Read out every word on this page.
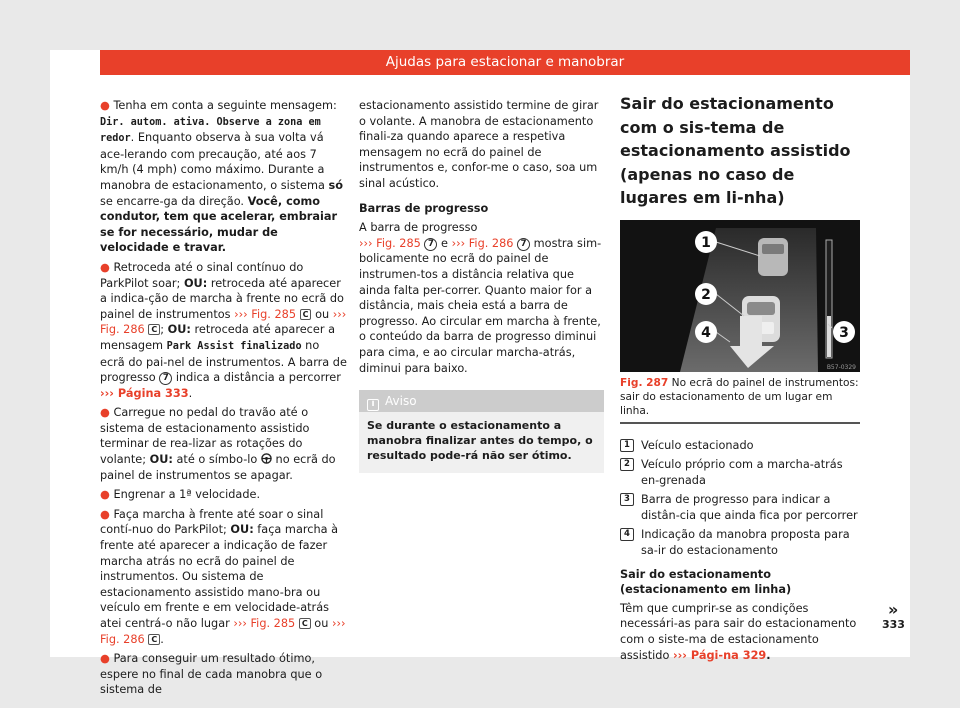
Ajudas para estacionar e manobrar

● Tenha em conta a seguinte mensagem: Dir. autom. ativa. Observe a zona em redor. Enquanto observa à sua volta vá ace-lerando com precaução, até aos 7 km/h (4 mph) como máximo. Durante a manobra de estacionamento, o sistema só se encarre-ga da direção. Você, como condutor, tem que acelerar, embraiar se for necessário, mudar de velocidade e travar.

● Retroceda até o sinal contínuo do ParkPilot soar; OU: retroceda até aparecer a indica-ção de marcha à frente no ecrã do painel de instrumentos ››› Fig. 285 C ou ››› Fig. 286 C ; OU: retroceda até aparecer a mensagem Park Assist finalizado no ecrã do pai-nel de instrumentos. A barra de progresso 7 indica a distância a percorrer ››› Página 333.

● Carregue no pedal do travão até o sistema de estacionamento assistido terminar de rea-lizar as rotações do volante; OU: até o símbo-lo  no ecrã do painel de instrumentos se apagar.

● Engrenar a 1ª velocidade.

● Faça marcha à frente até soar o sinal contí-nuo do ParkPilot; OU: faça marcha à frente até aparecer a indicação de fazer marcha atrás no ecrã do painel de instrumentos. Ou sistema de estacionamento assistido mano-bra ou veículo em frente e em velocidade-atrás atei centrá-o não lugar ››› Fig. 285 C ou ››› Fig. 286 C .

● Para conseguir um resultado ótimo, espere no final de cada manobra que o sistema de

estacionamento assistido termine de girar o volante. A manobra de estacionamento finali-za quando aparece a respetiva mensagem no ecrã do painel de instrumentos e, confor-me o caso, soa um sinal acústico.

Barras de progresso

A barra de progresso
››› Fig. 285 7 e ››› Fig. 286 7 mostra sim-bolicamente no ecrã do painel de instrumen-tos a distância relativa que ainda falta per-correr. Quanto maior for a distância, mais cheia está a barra de progresso. Ao circular em marcha à frente, o conteúdo da barra de progresso diminui para cima, e ao circular marcha-atrás, diminui para baixo.

i Aviso
Se durante o estacionamento a manobra finalizar antes do tempo, o resultado pode-rá não ser ótimo.
Sair do estacionamento com o sis-tema de estacionamento assistido (apenas no caso de lugares em li-nha)
1
2
4	3
B57-0329
Fig. 287 No ecrã do painel de instrumentos: sair do estacionamento de um lugar em linha.
1 Veículo estacionado
2 Veículo próprio com a marcha-atrás en-grenada
3 Barra de progresso para indicar a distân-cia que ainda fica por percorrer
4 Indicação da manobra proposta para sa-ir do estacionamento

Sair do estacionamento (estacionamento em linha)

Têm que cumprir-se as condições necessári-as para sair do estacionamento com o siste-ma de estacionamento assistido ››› Pági-na 329.

»
333
